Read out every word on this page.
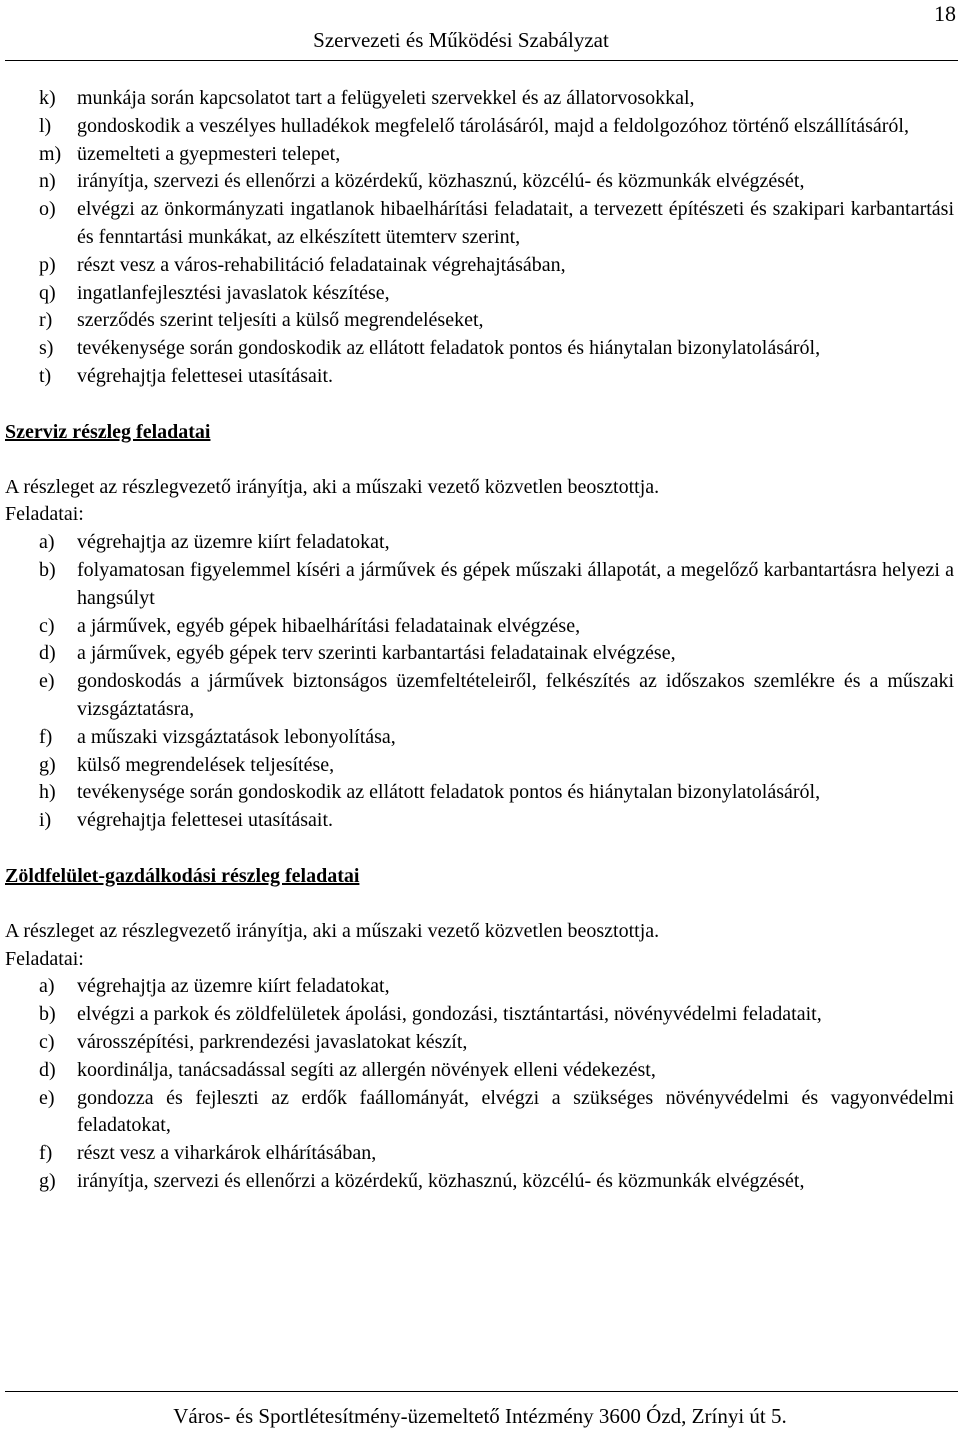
18
Szervezeti és Működési Szabályzat
k) munkája során kapcsolatot tart a felügyeleti szervekkel és az állatorvosokkal,
l) gondoskodik a veszélyes hulladékok megfelelő tárolásáról, majd a feldolgozóhoz történő elszállításáról,
m) üzemelteti a gyepmesteri telepet,
n) irányítja, szervezi és ellenőrzi a közérdekű, közhasznú, közcélú- és közmunkák elvégzését,
o) elvégzi az önkormányzati ingatlanok hibaelhárítási feladatait, a tervezett építészeti és szakipari karbantartási és fenntartási munkákat, az elkészített ütemterv szerint,
p) részt vesz a város-rehabilitáció feladatainak végrehajtásában,
q) ingatlanfejlesztési javaslatok készítése,
r) szerződés szerint teljesíti a külső megrendeléseket,
s) tevékenysége során gondoskodik az ellátott feladatok pontos és hiánytalan bizonylatolásáról,
t) végrehajtja felettesei utasításait.
Szerviz részleg feladatai
A részleget az részlegvezető irányítja, aki a műszaki vezető közvetlen beosztottja.
Feladatai:
a) végrehajtja az üzemre kiírt feladatokat,
b) folyamatosan figyelemmel kíséri a járművek és gépek műszaki állapotát, a megelőző karbantartásra helyezi a hangsúlyt
c) a járművek, egyéb gépek hibaelhárítási feladatainak elvégzése,
d) a járművek, egyéb gépek terv szerinti karbantartási feladatainak elvégzése,
e) gondoskodás a járművek biztonságos üzemfeltételeiről, felkészítés az időszakos szemlékre és a műszaki vizsgáztatásra,
f) a műszaki vizsgáztatások lebonyolítása,
g) külső megrendelések teljesítése,
h) tevékenysége során gondoskodik az ellátott feladatok pontos és hiánytalan bizonylatolásáról,
i) végrehajtja felettesei utasításait.
Zöldfelület-gazdálkodási részleg feladatai
A részleget az részlegvezető irányítja, aki a műszaki vezető közvetlen beosztottja.
Feladatai:
a) végrehajtja az üzemre kiírt feladatokat,
b) elvégzi a parkok és zöldfelületek ápolási, gondozási, tisztántartási, növényvédelmi feladatait,
c) városszépítési, parkrendezési javaslatokat készít,
d) koordinálja, tanácsadással segíti az allergén növények elleni védekezést,
e) gondozza és fejleszti az erdők faállományát, elvégzi a szükséges növényvédelmi és vagyonvédelmi feladatokat,
f) részt vesz a viharkárok elhárításában,
g) irányítja, szervezi és ellenőrzi a közérdekű, közhasznú, közcélú- és közmunkák elvégzését,
Város- és Sportlétesítmény-üzemeltető Intézmény 3600 Ózd, Zrínyi út 5.
